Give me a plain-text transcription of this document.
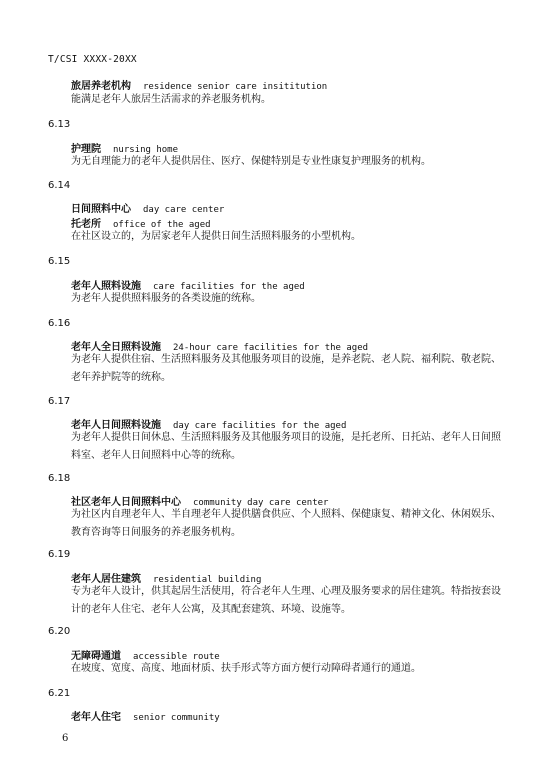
T/CSI XXXX-20XX
旅居养老机构 residence senior care insititution
能满足老年人旅居生活需求的养老服务机构。
6.13
护理院 nursing home
为无自理能力的老年人提供居住、医疗、保健特别是专业性康复护理服务的机构。
6.14
日间照料中心 day care center
托老所 office of the aged
在社区设立的，为居家老年人提供日间生活照料服务的小型机构。
6.15
老年人照料设施 care facilities for the aged
为老年人提供照料服务的各类设施的统称。
6.16
老年人全日照料设施 24-hour care facilities for the aged
为老年人提供住宿、生活照料服务及其他服务项目的设施，是养老院、老人院、福利院、敬老院、老年养护院等的统称。
6.17
老年人日间照料设施 day care facilities for the aged
为老年人提供日间休息、生活照料服务及其他服务项目的设施，是托老所、日托站、老年人日间照料室、老年人日间照料中心等的统称。
6.18
社区老年人日间照料中心 community day care center
为社区内自理老年人、半自理老年人提供膳食供应、个人照料、保健康复、精神文化、休闲娱乐、教育咨询等日间服务的养老服务机构。
6.19
老年人居住建筑 residential building
专为老年人设计，供其起居生活使用，符合老年人生理、心理及服务要求的居住建筑。特指按套设计的老年人住宅、老年人公寓，及其配套建筑、环境、设施等。
6.20
无障碍通道 accessible route
在坡度、宽度、高度、地面材质、扶手形式等方面方便行动障碍者通行的通道。
6.21
老年人住宅 senior community
6
